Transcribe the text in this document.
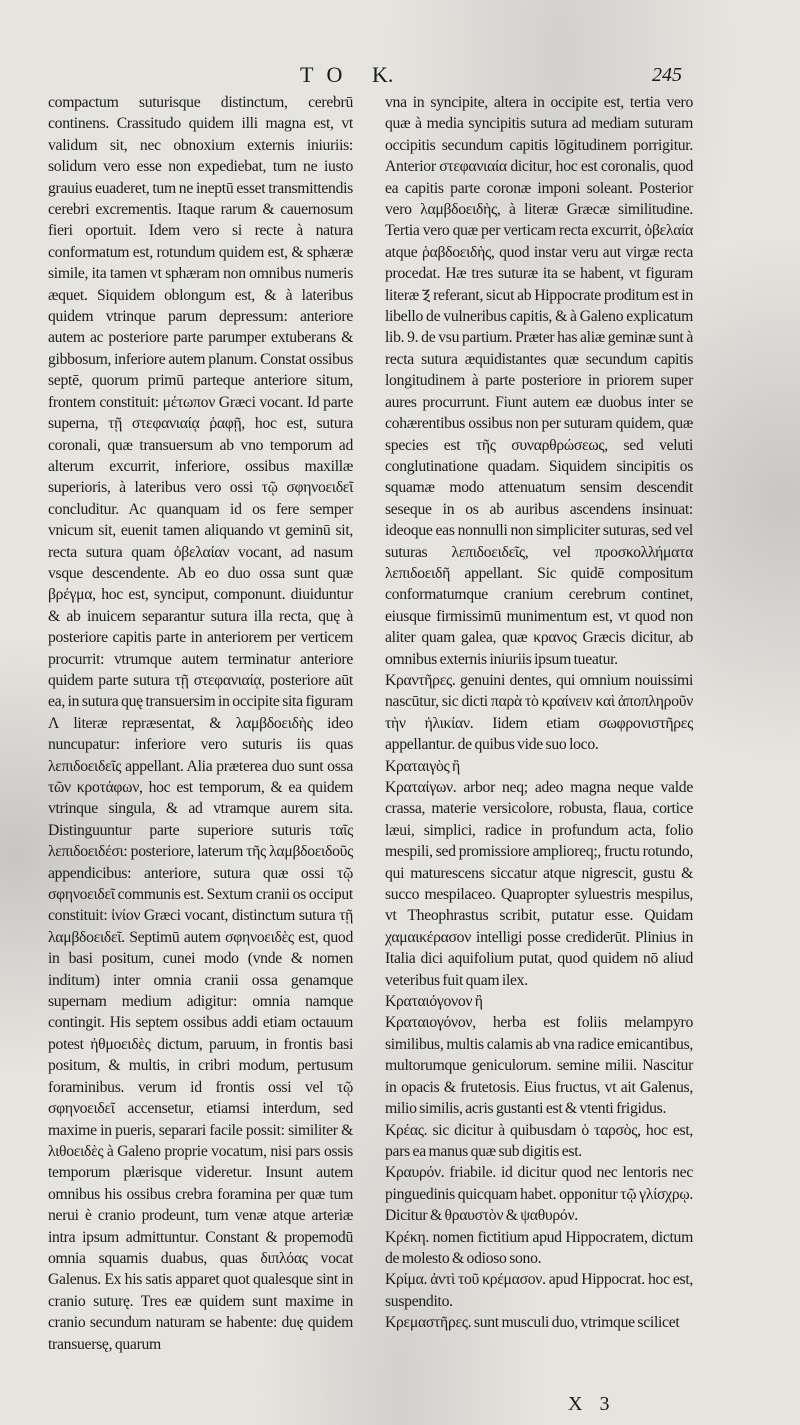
T O K.	245

compactum suturisque distinctum, cerebrū continens. Crassitudo quidem illi magna est, vt validum sit, nec obnoxium externis iniuriis: solidum vero esse non expediebat, tum ne iusto grauius euaderet, tum ne ineptū esset transmittendis cerebri excrementis. Itaque rarum & cauernosum fieri oportuit. Idem vero si recte à natura conformatum est, rotundum quidem est, & sphæræ simile, ita tamen vt sphæram non omnibus numeris æquet. Siquidem oblongum est, & à lateribus quidem vtrinque parum depressum: anteriore autem ac posteriore parte parumper extuberans & gibbosum, inferiore autem planum. Constat ossibus septē, quorum primū parteque anteriore situm, frontem constituit: μέτωπον Græci vocant. Id parte superna, τῇ στεφανιαίᾳ ῥαφῇ, hoc est, sutura coronali, quæ transuersum ab vno temporum ad alterum excurrit, inferiore, ossibus maxillæ superioris, à lateribus vero ossi τῷ σφηνοειδεῖ concluditur. Ac quanquam id os fere semper vnicum sit, euenit tamen aliquando vt geminū sit, recta sutura quam ὀβελαίαν vocant, ad nasum vsque descendente. Ab eo duo ossa sunt quæ βρέγμα, hoc est, synciput, componunt. diuiduntur & ab inuicem separantur sutura illa recta, quę à posteriore capitis parte in anteriorem per verticem procurrit: vtrumque autem terminatur anteriore quidem parte sutura τῇ στεφανιαίᾳ, posteriore aūt ea, in sutura quę transuersim in occipite sita figuram Λ literæ repræsentat, & λαμβδοειδὴς ideo nuncupatur: inferiore vero suturis iis quas λεπιδοειδεῖς appellant. Alia præterea duo sunt ossa τῶν κροτάφων, hoc est temporum, & ea quidem vtrinque singula, & ad vtramque aurem sita. Distinguuntur parte superiore suturis ταῖς λεπιδοειδέσι: posteriore, laterum τῆς λαμβδοειδοῦς appendicibus: anteriore, sutura quæ ossi τῷ σφηνοειδεῖ communis est. Sextum cranii os occiput constituit: ἰνίον Græci vocant, distinctum sutura τῇ λαμβδοειδεῖ. Septimū autem σφηνοειδὲς est, quod in basi positum, cunei modo (vnde & nomen inditum) inter omnia cranii ossa genamque supernam medium adigitur: omnia namque contingit. His septem ossibus addi etiam octauum potest ἠθμοειδὲς dictum, paruum, in frontis basi positum, & multis, in cribri modum, pertusum foraminibus. verum id frontis ossi vel τῷ σφηνοειδεῖ accensetur, etiamsi interdum, sed maxime in pueris, separari facile possit: similiter & λιθοειδὲς à Galeno proprie vocatum, nisi pars ossis temporum plærisque videretur. Insunt autem omnibus his ossibus crebra foramina per quæ tum nerui è cranio prodeunt, tum venæ atque arteriæ intra ipsum admittuntur. Constant & propemodū omnia squamis duabus, quas διπλόας vocat Galenus. Ex his satis apparet quot qualesque sint in cranio suturę. Tres eæ quidem sunt maxime in cranio secundum naturam se habente: duę quidem transuersę, quarum

vna in syncipite, altera in occipite est, tertia vero quæ à media syncipitis sutura ad mediam suturam occipitis secundum capitis lōgitudinem porrigitur. Anterior στεφανιαία dicitur, hoc est coronalis, quod ea capitis parte coronæ imponi soleant. Posterior vero λαμβδοειδὴς, à literæ Græcæ similitudine. Tertia vero quæ per verticam recta excurrit, ὀβελαία atque ῥαβδοειδὴς, quod instar veru aut virgæ recta procedat. Hæ tres suturæ ita se habent, vt figuram literæ Ⲝ referant, sicut ab Hippocrate proditum est in libello de vulneribus capitis, & à Galeno explicatum lib. 9. de vsu partium. Præter has aliæ geminæ sunt à recta sutura æquidistantes quæ secundum capitis longitudinem à parte posteriore in priorem super aures procurrunt. Fiunt autem eæ duobus inter se cohærentibus ossibus non per suturam quidem, quæ species est τῆς συναρθρώσεως, sed veluti conglutinatione quadam. Siquidem sincipitis os squamæ modo attenuatum sensim descendit seseque in os ab auribus ascendens insinuat: ideoque eas nonnulli non simpliciter suturas, sed vel suturas λεπιδοειδεῖς, vel προσκολλήματα λεπιδοειδῆ appellant. Sic quidē compositum conformatumque cranium cerebrum continet, eiusque firmissimū munimentum est, vt quod non aliter quam galea, quæ κρανος Græcis dicitur, ab omnibus externis iniuriis ipsum tueatur.

Κραντῆρες. genuini dentes, qui omnium nouissimi nascūtur, sic dicti παρὰ τὸ κραίνειν καὶ ἀποπληροῦν τὴν ἡλικίαν. Iidem etiam σωφρονιστῆρες appellantur. de quibus vide suo loco.

Κραταιγὸς ἢ

Κραταίγων. arbor neq; adeo magna neque valde crassa, materie versicolore, robusta, flaua, cortice læui, simplici, radice in profundum acta, folio mespili, sed promissiore amplioreq;, fructu rotundo, qui maturescens siccatur atque nigrescit, gustu & succo mespilaceo. Quapropter syluestris mespilus, vt Theophrastus scribit, putatur esse. Quidam χαμαικέρασον intelligi posse crediderūt. Plinius in Italia dici aquifolium putat, quod quidem nō aliud veteribus fuit quam ilex.

Κραταιόγονον ἢ

Κραταιογόνον, herba est foliis melampyro similibus, multis calamis ab vna radice emicantibus, multorumque geniculorum. semine milii. Nascitur in opacis & frutetosis. Eius fructus, vt ait Galenus, milio similis, acris gustanti est & vtenti frigidus.

Κρέας. sic dicitur à quibusdam ὁ ταρσὸς, hoc est, pars ea manus quæ sub digitis est.

Κραυρόν. friabile. id dicitur quod nec lentoris nec pinguedinis quicquam habet. opponitur τῷ γλίσχρῳ. Dicitur & θραυστὸν & ψαθυρόν.

Κρέκη. nomen fictitium apud Hippocratem, dictum de molesto & odioso sono.

Κρίμα. ἀντὶ τοῦ κρέμασον. apud Hippocrat. hoc est, suspendito.

Κρεμαστῆρες. sunt musculi duo, vtrimque scilicet

X 3
